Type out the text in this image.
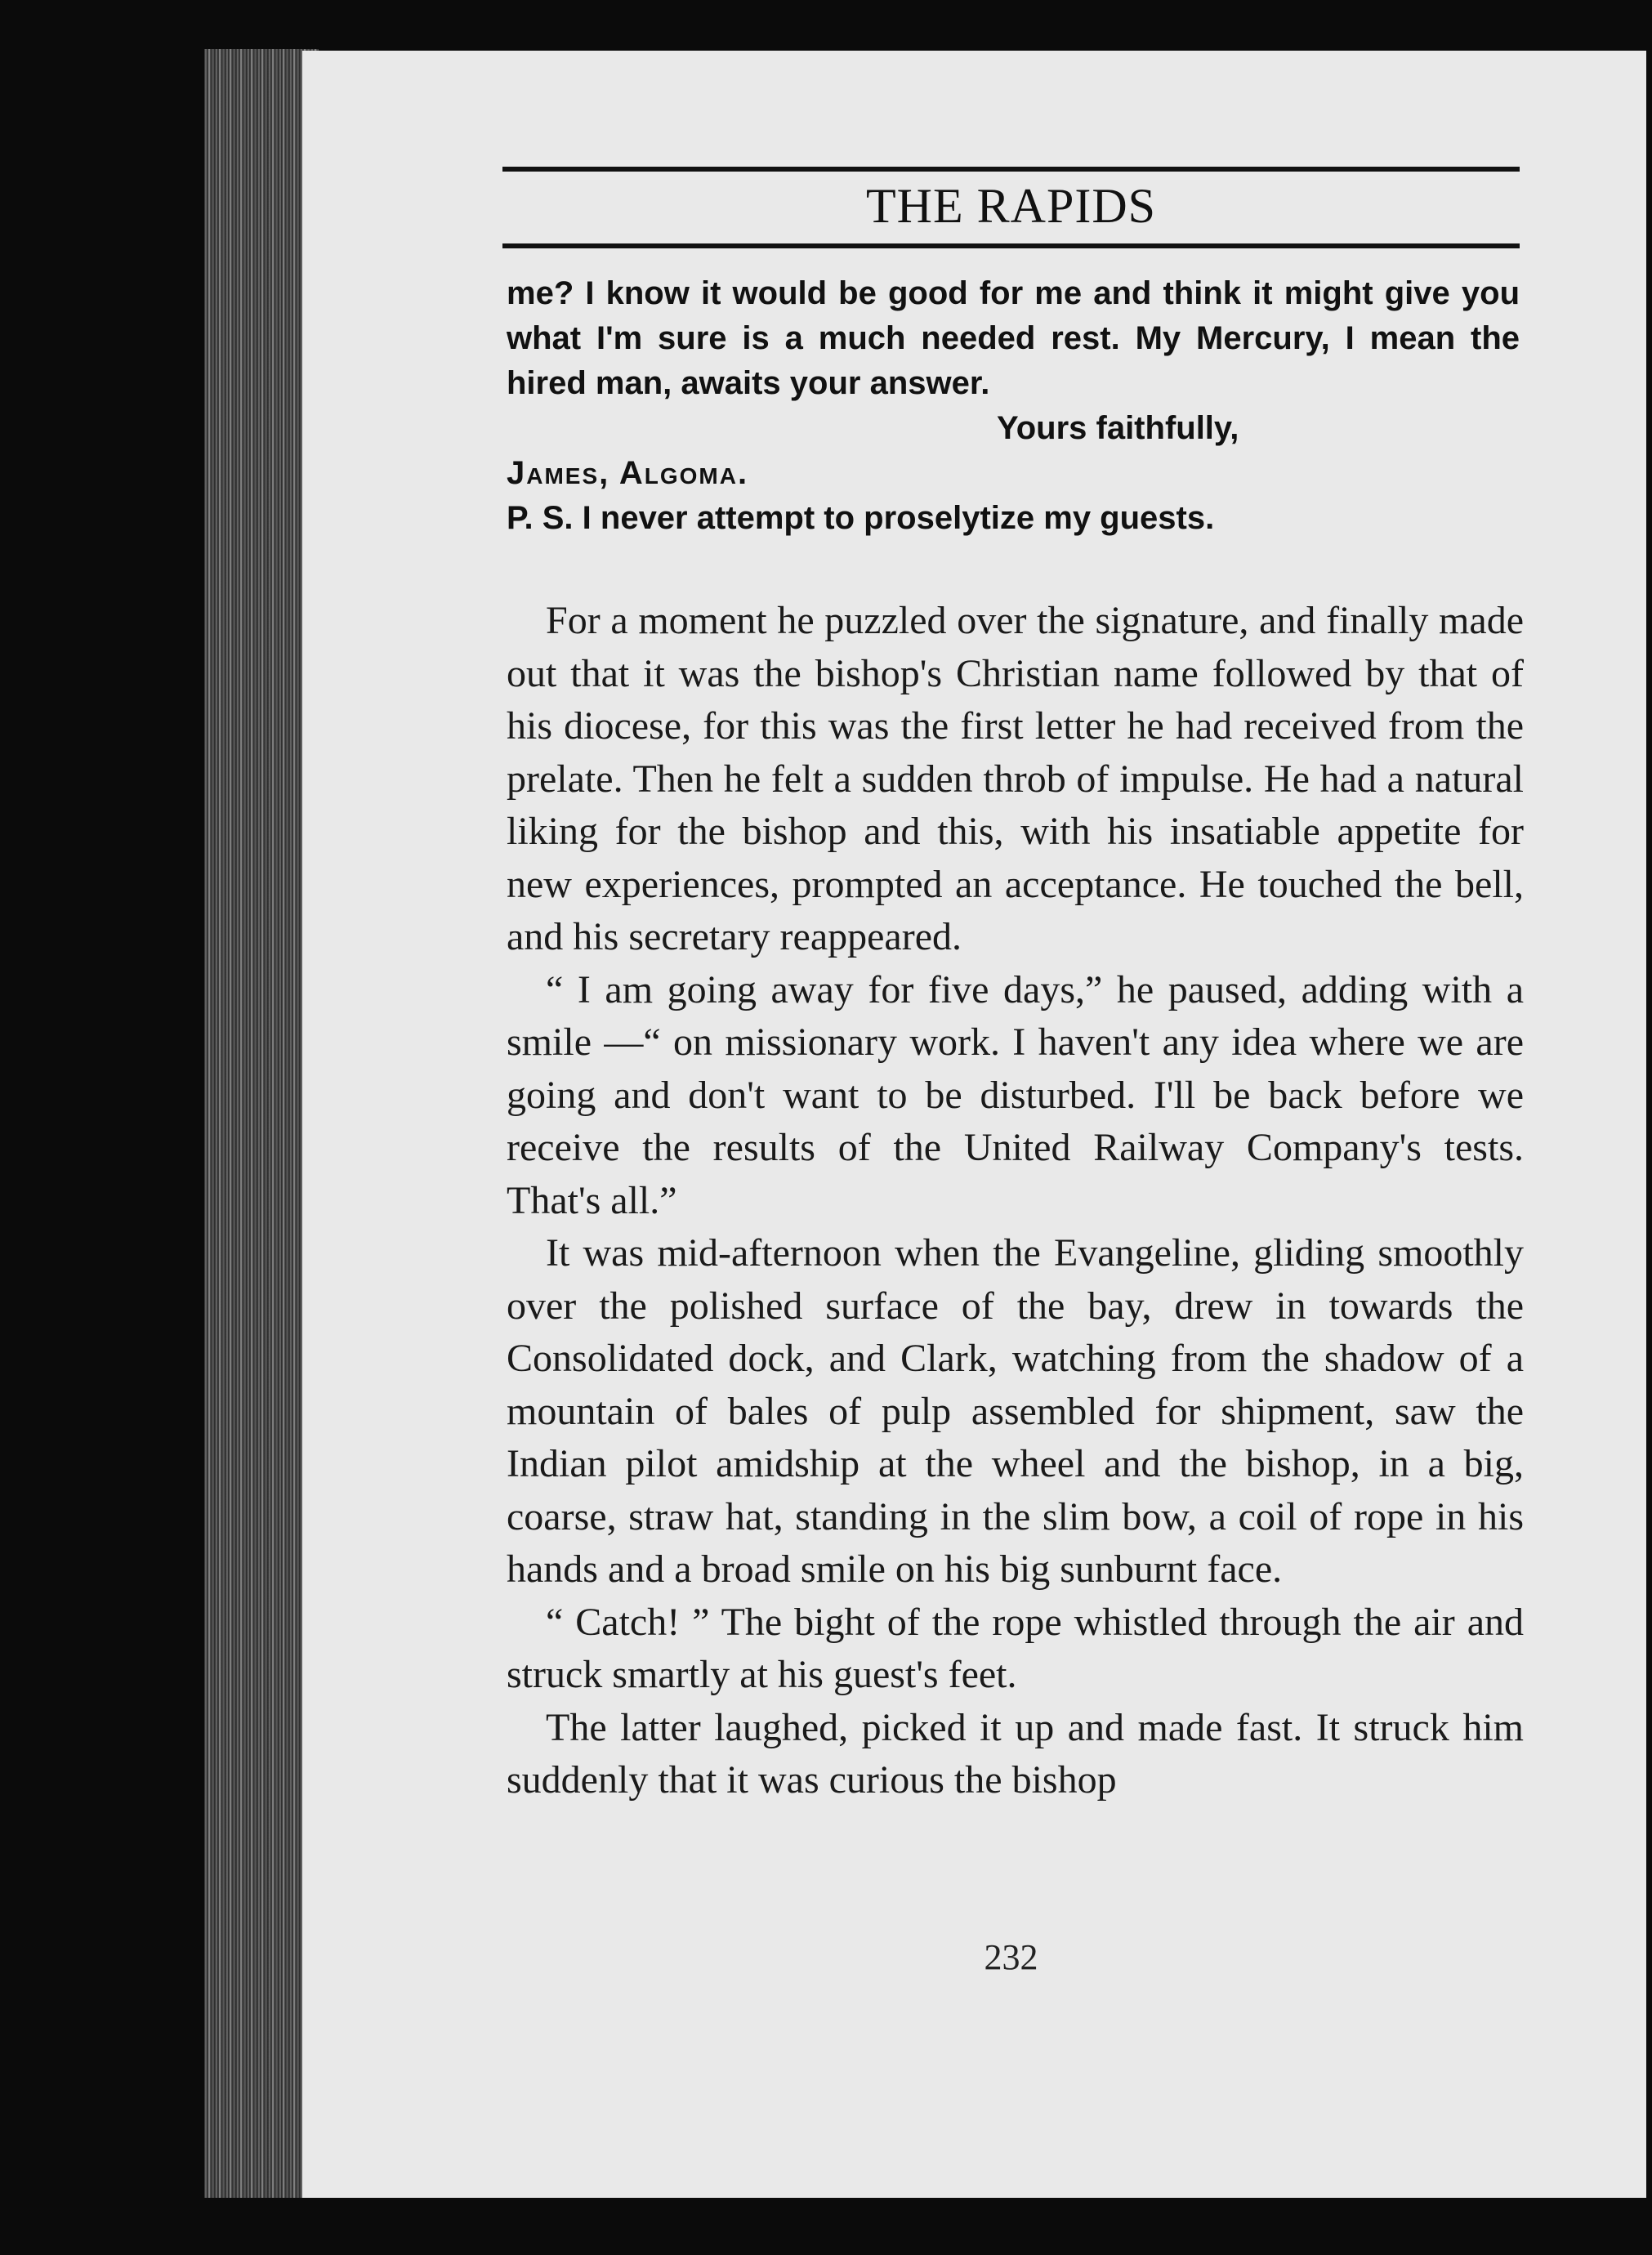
THE RAPIDS

me? I know it would be good for me and think it might give you what I'm sure is a much needed rest. My Mercury, I mean the hired man, awaits your answer.

Yours faithfully,

James, Algoma.

P. S. I never attempt to proselytize my guests.

For a moment he puzzled over the signature, and finally made out that it was the bishop's Christian name followed by that of his diocese, for this was the first letter he had received from the prelate. Then he felt a sudden throb of impulse. He had a natural liking for the bishop and this, with his insatiable appetite for new experiences, prompted an acceptance. He touched the bell, and his secretary reappeared.

“ I am going away for five days,” he paused, adding with a smile —“ on missionary work. I haven't any idea where we are going and don't want to be disturbed. I'll be back before we receive the results of the United Railway Company's tests. That's all.”

It was mid-afternoon when the Evangeline, gliding smoothly over the polished surface of the bay, drew in towards the Consolidated dock, and Clark, watching from the shadow of a mountain of bales of pulp assembled for shipment, saw the Indian pilot amidship at the wheel and the bishop, in a big, coarse, straw hat, standing in the slim bow, a coil of rope in his hands and a broad smile on his big sunburnt face.

“ Catch! ” The bight of the rope whistled through the air and struck smartly at his guest's feet.

The latter laughed, picked it up and made fast. It struck him suddenly that it was curious the bishop

232
